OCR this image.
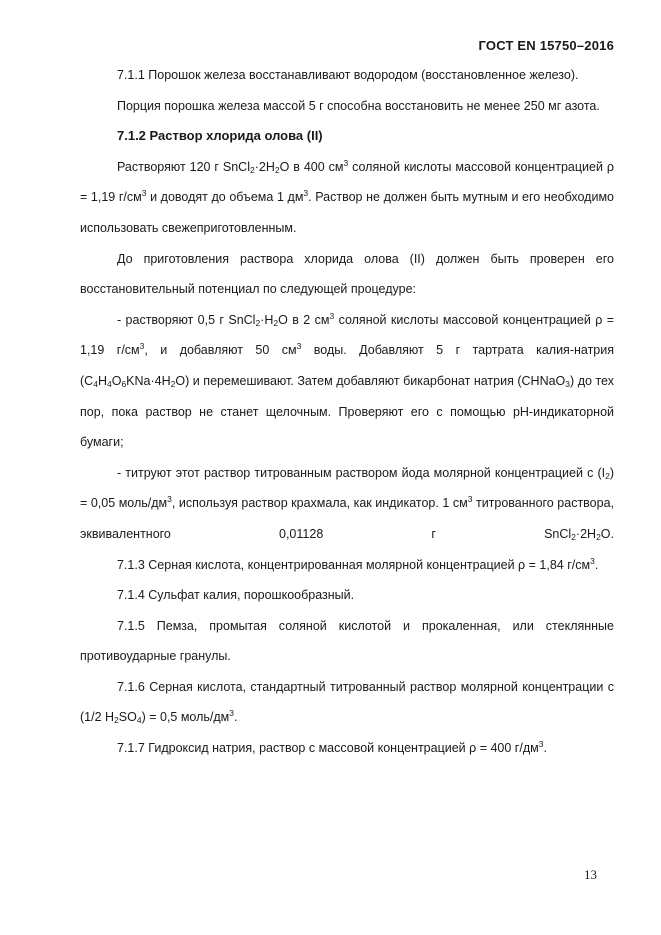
ГОСТ EN 15750–2016

7.1.1 Порошок железа восстанавливают водородом (восстановленное железо).

Порция порошка железа массой 5 г способна восстановить не менее 250 мг азота.

7.1.2 Раствор хлорида олова (II)

Растворяют 120 г $SnCl_2\cdot 2H_2O$ в 400 $см^3$ соляной кислоты массовой концентрацией ρ = 1,19 $г/см^3$ и доводят до объема 1 $дм^3$. Раствор не должен быть мутным и его необходимо использовать свежеприготовленным.

До приготовления раствора хлорида олова (II) должен быть проверен его восстановительный потенциал по следующей процедуре:

- растворяют 0,5 г $SnCl_2\cdot H_2O$ в 2 $см^3$ соляной кислоты массовой концентрацией ρ = 1,19 $г/см^3$, и добавляют 50 $см^3$ воды. Добавляют 5 г тартрата калия-натрия $(C_4H_4O_6KNa\cdot 4H_2O)$ и перемешивают. Затем добавляют бикарбонат натрия (CHNaO$_3$) до тех пор, пока раствор не станет щелочным. Проверяют его с помощью pH-индикаторной бумаги;

- титруют этот раствор титрованным раствором йода молярной концентрацией c $(I_2) = 0,05$ моль/$дм^3$, используя раствор крахмала, как индикатор. 1 $см^3$ титрованного раствора, эквивалентного 0,01128 г $SnCl_2\cdot 2H_2O$.

7.1.3 Серная кислота, концентрированная молярной концентрацией ρ = 1,84 $г/см^3$.

7.1.4 Сульфат калия, порошкообразный.

7.1.5 Пемза, промытая соляной кислотой и прокаленная, или стеклянные противоударные гранулы.

7.1.6 Серная кислота, стандартный титрованный раствор молярной концентрации c (1/2 $H_2SO_4) = 0,5$ моль/$дм^3$.

7.1.7 Гидроксид натрия, раствор с массовой концентрацией ρ = 400 $г/дм^3$.

13
